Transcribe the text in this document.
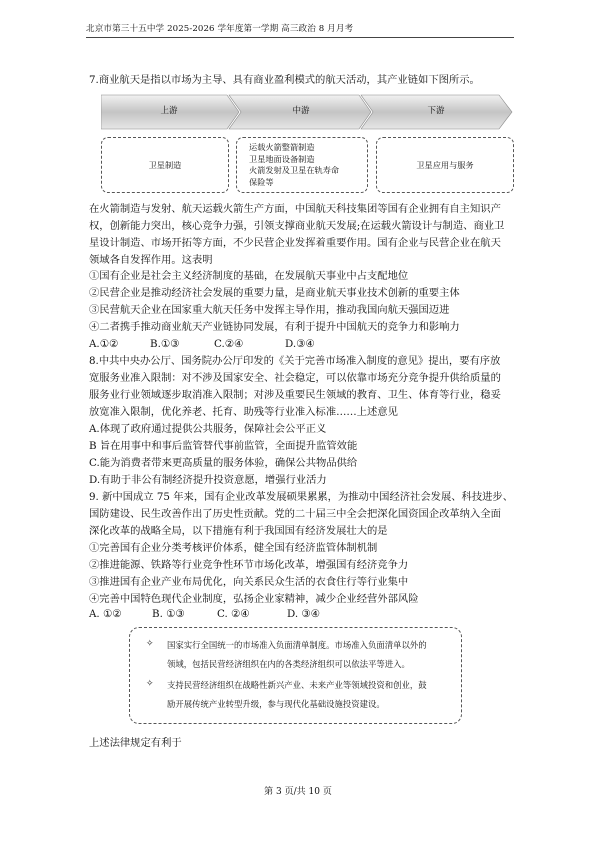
北京市第三十五中学 2025-2026 学年度第一学期 高三政治 8 月月考
7.商业航天是指以市场为主导、具有商业盈利模式的航天活动，其产业链如下图所示。
上游	中游	下游
卫星制造
运载火箭整箭制造
卫星地面设备制造
火箭发射及卫星在轨寿命
保险等
卫星应用与服务
在火箭制造与发射、航天运载火箭生产方面，中国航天科技集团等国有企业拥有自主知识产
权，创新能力突出，核心竞争力强，引领支撑商业航天发展;在运载火箭设计与制造、商业卫
星设计制造、市场开拓等方面，不少民营企业发挥着重要作用。国有企业与民营企业在航天
领域各自发挥作用。这表明
①国有企业是社会主义经济制度的基础，在发展航天事业中占支配地位
②民营企业是推动经济社会发展的重要力量，是商业航天事业技术创新的重要主体
③民营航天企业在国家重大航天任务中发挥主导作用，推动我国向航天强国迈进
④二者携手推动商业航天产业链协同发展，有利于提升中国航天的竞争力和影响力
A.①②	B.①③	C.②④	D.③④
8.中共中央办公厅、国务院办公厅印发的《关于完善市场准入制度的意见》提出，要有序放
宽服务业准入限制：对不涉及国家安全、社会稳定，可以依靠市场充分竞争提升供给质量的
服务业行业领域逐步取消准入限制；对涉及重要民生领域的教育、卫生、体育等行业，稳妥
放宽准入限制，优化养老、托育、助残等行业准入标准……上述意见
A.体现了政府通过提供公共服务，保障社会公平正义
B 旨在用事中和事后监管替代事前监管，全面提升监管效能
C.能为消费者带来更高质量的服务体验，确保公共物品供给
D.有助于非公有制经济提升投资意愿，增强行业活力
9. 新中国成立 75 年来，国有企业改革发展硕果累累，为推动中国经济社会发展、科技进步、
国防建设、民生改善作出了历史性贡献。党的二十届三中全会把深化国资国企改革纳入全面
深化改革的战略全局，以下措施有利于我国国有经济发展壮大的是
①完善国有企业分类考核评价体系，健全国有经济监管体制机制
②推进能源、铁路等行业竞争性环节市场化改革，增强国有经济竞争力
③推进国有企业产业布局优化，向关系民众生活的衣食住行等行业集中
④完善中国特色现代企业制度，弘扬企业家精神，减少企业经营外部风险
A. ①②	B. ①③	C. ②④	D. ③④
✧ 国家实行全国统一的市场准入负面清单制度。市场准入负面清单以外的
领域，包括民营经济组织在内的各类经济组织可以依法平等进入。
✧ 支持民营经济组织在战略性新兴产业、未来产业等领域投资和创业，鼓
励开展传统产业转型升级，参与现代化基础设施投资建设。
上述法律规定有利于
第 3 页/共 10 页
